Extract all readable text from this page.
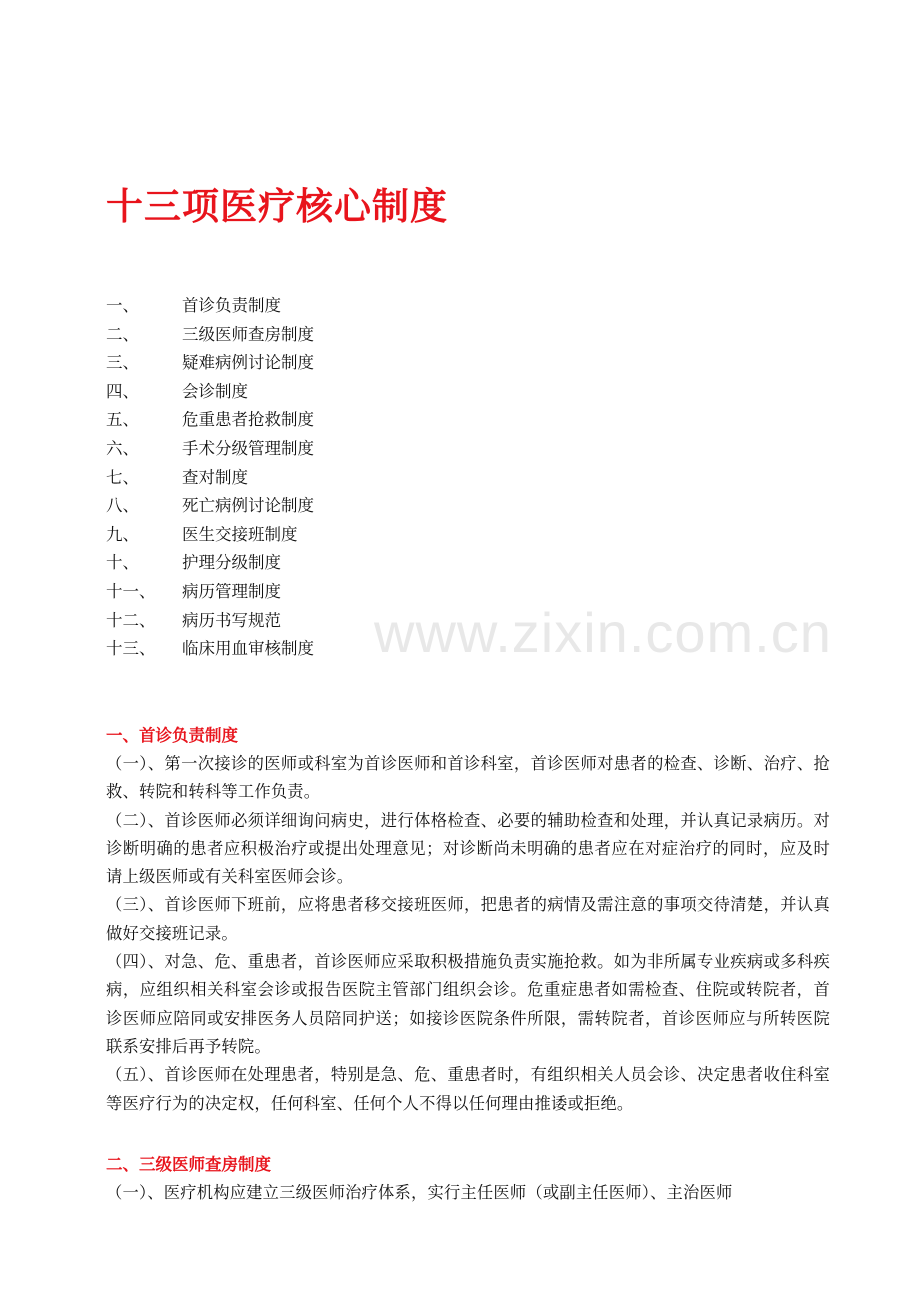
十三项医疗核心制度
一、	首诊负责制度
二、	三级医师查房制度
三、	疑难病例讨论制度
四、	会诊制度
五、	危重患者抢救制度
六、	手术分级管理制度
七、	查对制度
八、	死亡病例讨论制度
九、	医生交接班制度
十、	护理分级制度
十一、 病历管理制度
十二、 病历书写规范
十三、 临床用血审核制度 www.zixin.com.cn
一、首诊负责制度

（一）、第一次接诊的医师或科室为首诊医师和首诊科室，首诊医师对患者的检查、诊断、治疗、抢救、转院和转科等工作负责。

（二）、首诊医师必须详细询问病史，进行体格检查、必要的辅助检查和处理，并认真记录病历。对诊断明确的患者应积极治疗或提出处理意见；对诊断尚未明确的患者应在对症治疗的同时，应及时请上级医师或有关科室医师会诊。

（三）、首诊医师下班前，应将患者移交接班医师，把患者的病情及需注意的事项交待清楚，并认真做好交接班记录。

（四）、对急、危、重患者，首诊医师应采取积极措施负责实施抢救。如为非所属专业疾病或多科疾病，应组织相关科室会诊或报告医院主管部门组织会诊。危重症患者如需检查、住院或转院者，首诊医师应陪同或安排医务人员陪同护送；如接诊医院条件所限，需转院者，首诊医师应与所转医院联系安排后再予转院。

（五）、首诊医师在处理患者，特别是急、危、重患者时，有组织相关人员会诊、决定患者收住科室等医疗行为的决定权，任何科室、任何个人不得以任何理由推诿或拒绝。

二、三级医师查房制度

（一）、医疗机构应建立三级医师治疗体系，实行主任医师（或副主任医师）、主治医师
